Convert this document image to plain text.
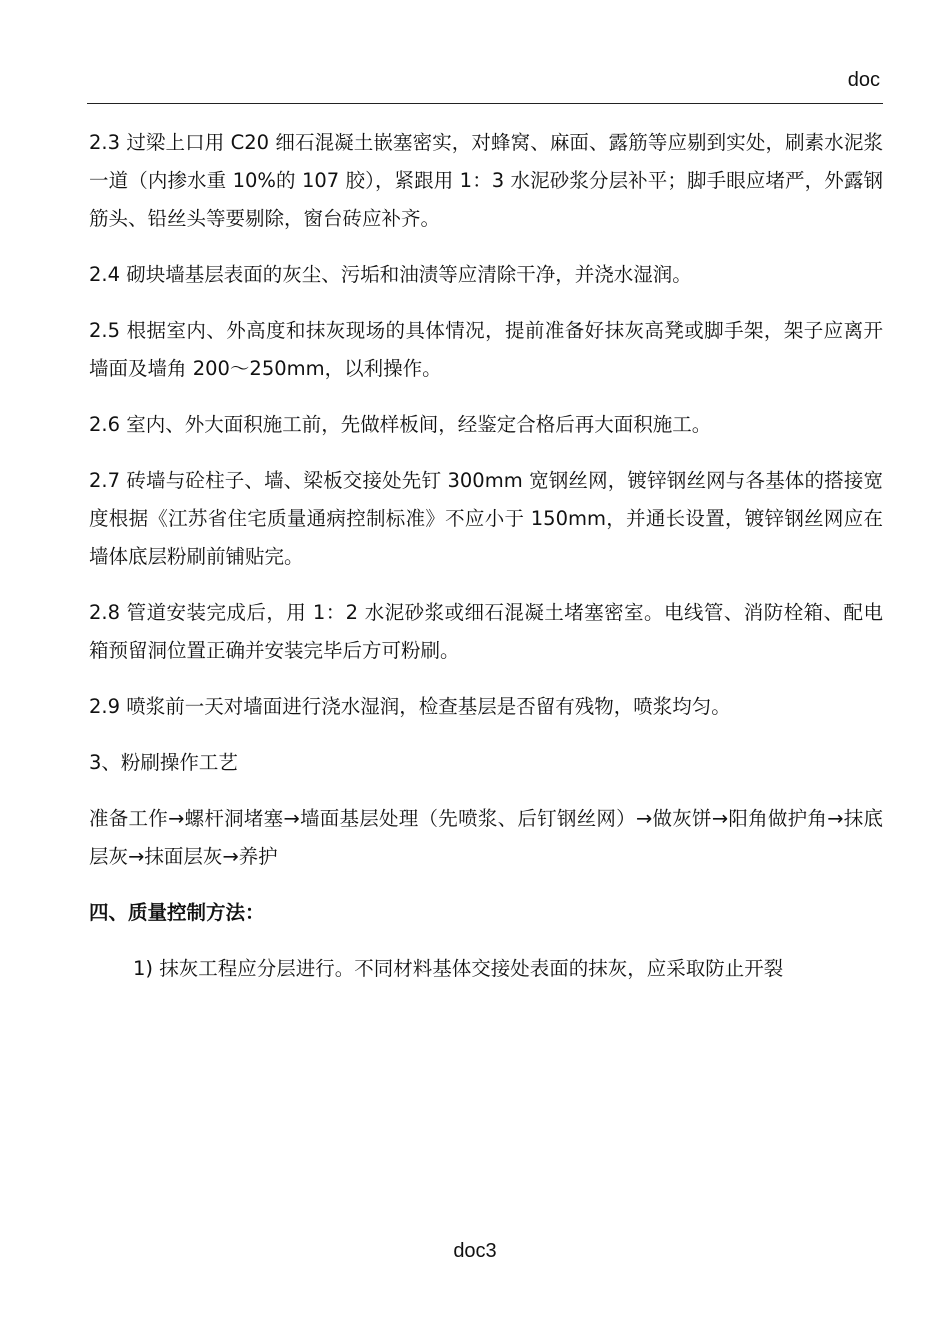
doc

2.3 过梁上口用 C20 细石混凝土嵌塞密实，对蜂窝、麻面、露筋等应剔到实处，刷素水泥浆一道（内掺水重 10%的 107 胶），紧跟用 1：3 水泥砂浆分层补平；脚手眼应堵严，外露钢筋头、铅丝头等要剔除，窗台砖应补齐。

2.4 砌块墙基层表面的灰尘、污垢和油渍等应清除干净，并浇水湿润。

2.5 根据室内、外高度和抹灰现场的具体情况，提前准备好抹灰高凳或脚手架，架子应离开墙面及墙角 200～250mm，以利操作。

2.6 室内、外大面积施工前，先做样板间，经鉴定合格后再大面积施工。

2.7 砖墙与砼柱子、墙、梁板交接处先钉 300mm 宽钢丝网，镀锌钢丝网与各基体的搭接宽度根据《江苏省住宅质量通病控制标准》不应小于 150mm，并通长设置，镀锌钢丝网应在墙体底层粉刷前铺贴完。

2.8 管道安装完成后，用 1：2 水泥砂浆或细石混凝土堵塞密室。电线管、消防栓箱、配电箱预留洞位置正确并安装完毕后方可粉刷。

2.9 喷浆前一天对墙面进行浇水湿润，检查基层是否留有残物，喷浆均匀。

3、粉刷操作工艺

准备工作→螺杆洞堵塞→墙面基层处理（先喷浆、后钉钢丝网）→做灰饼→阳角做护角→抹底层灰→抹面层灰→养护

四、质量控制方法：

1) 抹灰工程应分层进行。不同材料基体交接处表面的抹灰，应采取防止开裂

doc3
